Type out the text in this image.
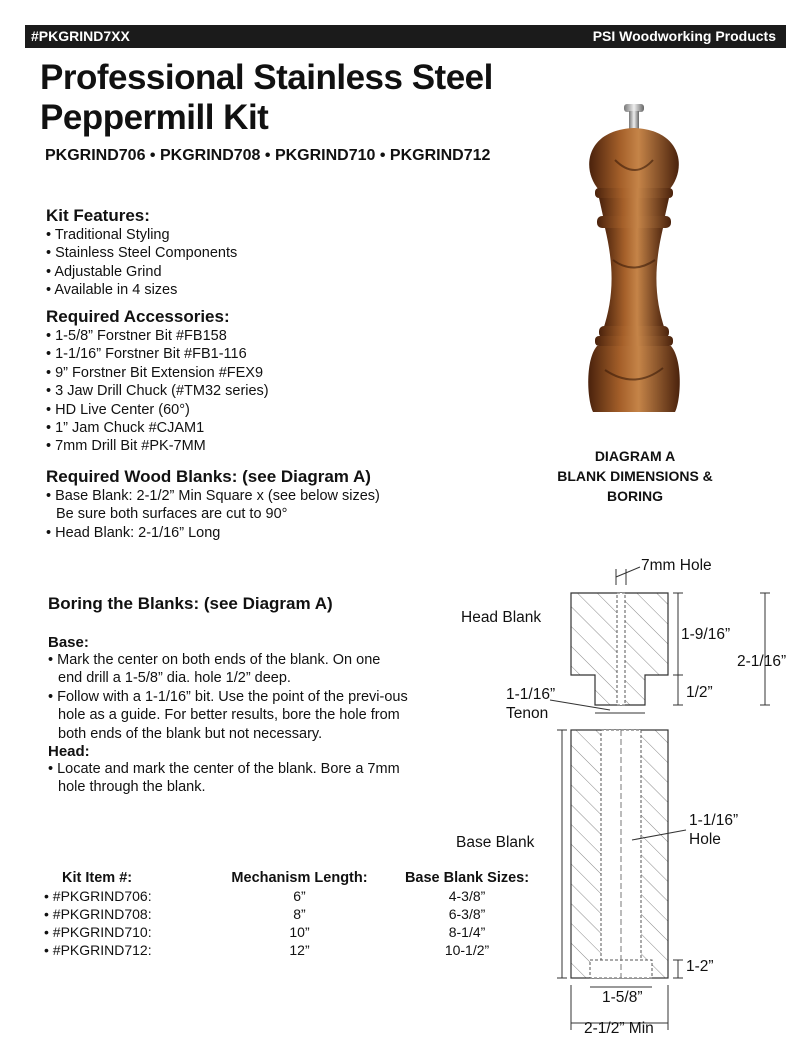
#PKGRIND7XX	PSI Woodworking Products
Professional Stainless Steel
Peppermill Kit
PKGRIND706 • PKGRIND708 • PKGRIND710 • PKGRIND712
Kit Features:
• Traditional Styling
• Stainless Steel Components
• Adjustable Grind
• Available in 4 sizes
Required Accessories:
• 1-5/8” Forstner Bit #FB158
• 1-1/16” Forstner Bit #FB1-116
• 9” Forstner Bit Extension #FEX9
• 3 Jaw Drill Chuck (#TM32 series)
• HD Live Center (60°)
• 1” Jam Chuck #CJAM1
• 7mm Drill Bit #PK-7MM
Required Wood Blanks: (see Diagram A)
• Base Blank: 2-1/2” Min Square x (see below sizes)
Be sure both surfaces are cut to 90°
• Head Blank: 2-1/16” Long
Boring the Blanks: (see Diagram A)
Base:
• Mark the center on both ends of the blank. On one end drill a 1-5/8” dia. hole 1/2” deep.
• Follow with a 1-1/16” bit. Use the point of the previ-ous hole as a guide. For better results, bore the hole from both ends of the blank but not necessary.
Head:
• Locate and mark the center of the blank. Bore a 7mm hole through the blank.
DIAGRAM A
BLANK DIMENSIONS & BORING
7mm Hole
Head Blank
1-9/16”
2-1/16”
1-1/16”
Tenon
1/2”
Base Blank
1-1/16”
Hole
1-2”
1-5/8”
2-1/2” Min
Kit Item #:	Mechanism Length:	Base Blank Sizes:
• #PKGRIND706:	6”	4-3/8”
• #PKGRIND708:	8”	6-3/8”
• #PKGRIND710:	10”	8-1/4”
• #PKGRIND712:	12”	10-1/2”
